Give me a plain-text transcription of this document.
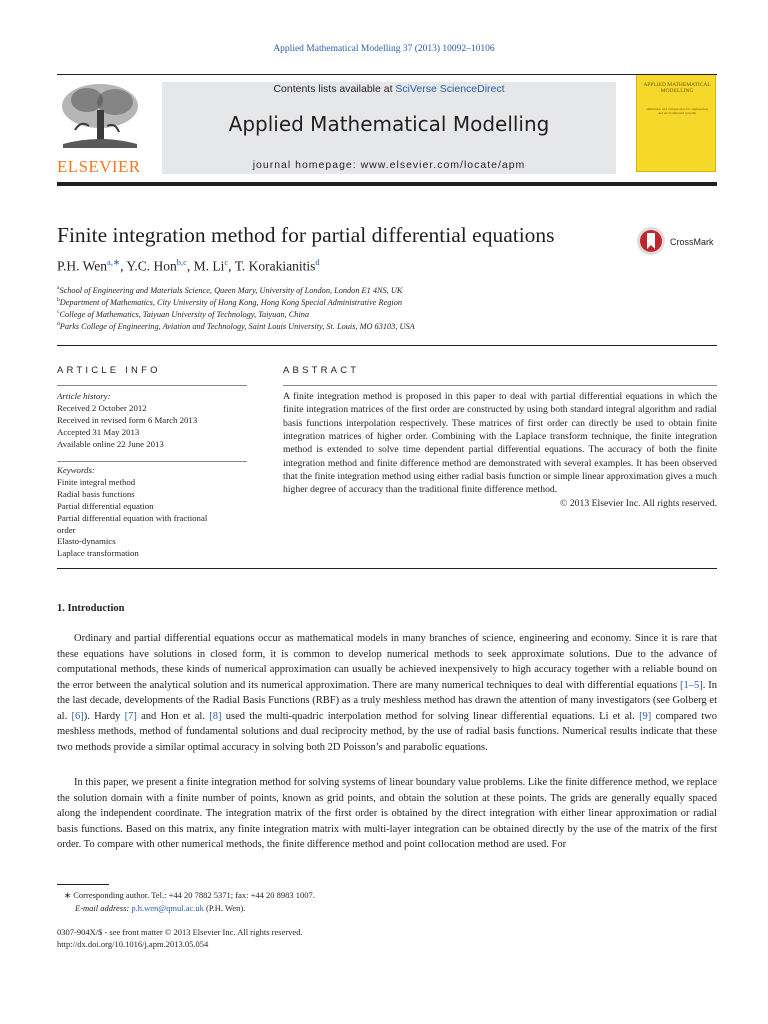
Applied Mathematical Modelling 37 (2013) 10092–10106
ELSEVIER
Contents lists available at SciVerse ScienceDirect
Applied Mathematical Modelling
journal homepage: www.elsevier.com/locate/apm
APPLIED MATHEMATICAL MODELLING
simulation and computation for engineering and environmental systems
Finite integration method for partial differential equations	CrossMark
P.H. Wen$^{a,∗}$, Y.C. Hon$^{b,c}$, M. Li$^c$, T. Korakianitis$^d$
$^a$School of Engineering and Materials Science, Queen Mary, University of London, London E1 4NS, UK
$^b$Department of Mathematics, City University of Hong Kong, Hong Kong Special Administrative Region
$^c$College of Mathematics, Taiyuan University of Technology, Taiyuan, China
$^d$Parks College of Engineering, Aviation and Technology, Saint Louis University, St. Louis, MO 63103, USA
ARTICLE INFO
Article history:
Received 2 October 2012
Received in revised form 6 March 2013
Accepted 31 May 2013
Available online 22 June 2013
Keywords:
Finite integral method
Radial basis functions
Partial differential equation
Partial differential equation with fractional
order
Elasto-dynamics
Laplace transformation
ABSTRACT
A finite integration method is proposed in this paper to deal with partial differential equations in which the finite integration matrices of the first order are constructed by using both standard integral algorithm and radial basis functions interpolation respectively. These matrices of first order can directly be used to obtain finite integration matrices of higher order. Combining with the Laplace transform technique, the finite integration method is extended to solve time dependent partial differential equations. The accuracy of both the finite integration method and finite difference method are demonstrated with several examples. It has been observed that the finite integration method using either radial basis function or simple linear approximation gives a much higher degree of accuracy than the traditional finite difference method.
© 2013 Elsevier Inc. All rights reserved.
1. Introduction
Ordinary and partial differential equations occur as mathematical models in many branches of science, engineering and economy. Since it is rare that these equations have solutions in closed form, it is common to develop numerical methods to seek approximate solutions. Due to the advance of computational methods, these kinds of numerical approximation can usually be achieved inexpensively to high accuracy together with a reliable bound on the error between the analytical solution and its numerical approximation. There are many numerical techniques to deal with differential equations [1–5]. In the last decade, developments of the Radial Basis Functions (RBF) as a truly meshless method has drawn the attention of many investigators (see Golberg et al. [6]). Hardy [7] and Hon et al. [8] used the multi-quadric interpolation method for solving linear differential equations. Li et al. [9] compared two meshless methods, method of fundamental solutions and dual reciprocity method, by the use of radial basis functions. Numerical results indicate that these two methods provide a similar optimal accuracy in solving both 2D Poisson’s and parabolic equations.
In this paper, we present a finite integration method for solving systems of linear boundary value problems. Like the finite difference method, we replace the solution domain with a finite number of points, known as grid points, and obtain the solution at these points. The grids are generally equally spaced along the independent coordinate. The integration matrix of the first order is obtained by the direct integration with either linear approximation or radial basis functions. Based on this matrix, any finite integration matrix with multi-layer integration can be obtained directly by the use of the matrix of the first order. To compare with other numerical methods, the finite difference method and point collocation method are used. For
∗ Corresponding author. Tel.: +44 20 7882 5371; fax: +44 20 8983 1007.
E-mail address: p.h.wen@qmul.ac.uk (P.H. Wen).
0307-904X/$ - see front matter © 2013 Elsevier Inc. All rights reserved.
http://dx.doi.org/10.1016/j.apm.2013.05.054
